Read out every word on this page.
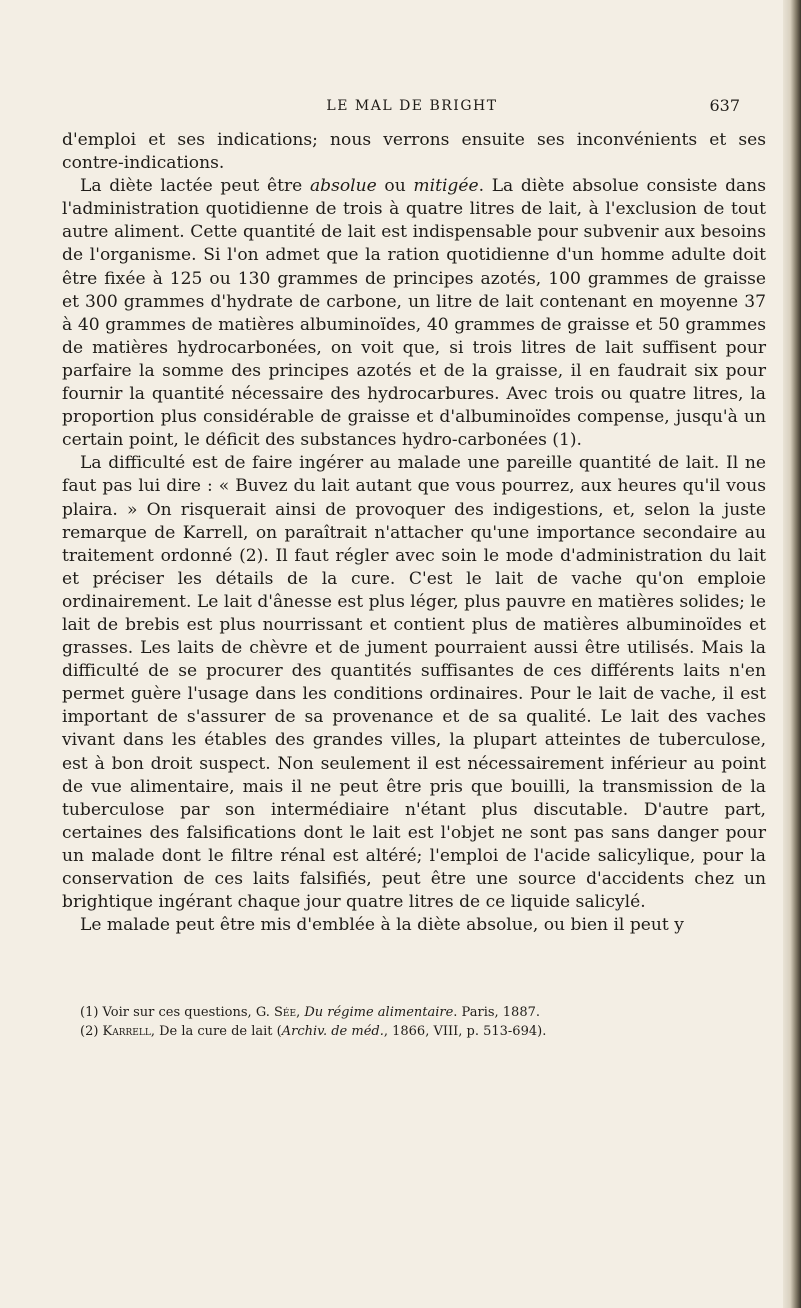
LE MAL DE BRIGHT	637

d'emploi et ses indications; nous verrons ensuite ses inconvénients et ses contre-indications.

La diète lactée peut être absolue ou mitigée. La diète absolue consiste dans l'administration quotidienne de trois à quatre litres de lait, à l'exclusion de tout autre aliment. Cette quantité de lait est indispensable pour subvenir aux besoins de l'organisme. Si l'on admet que la ration quotidienne d'un homme adulte doit être fixée à 125 ou 130 grammes de principes azotés, 100 grammes de graisse et 300 grammes d'hydrate de carbone, un litre de lait contenant en moyenne 37 à 40 grammes de matières albuminoïdes, 40 grammes de graisse et 50 grammes de matières hydrocarbonées, on voit que, si trois litres de lait suffisent pour parfaire la somme des principes azotés et de la graisse, il en faudrait six pour fournir la quantité nécessaire des hydrocarbures. Avec trois ou quatre litres, la proportion plus considérable de graisse et d'albuminoïdes compense, jusqu'à un certain point, le déficit des substances hydro-carbonées (1).

La difficulté est de faire ingérer au malade une pareille quantité de lait. Il ne faut pas lui dire : « Buvez du lait autant que vous pourrez, aux heures qu'il vous plaira. » On risquerait ainsi de provoquer des indigestions, et, selon la juste remarque de Karrell, on paraîtrait n'attacher qu'une importance secondaire au traitement ordonné (2). Il faut régler avec soin le mode d'administration du lait et préciser les détails de la cure. C'est le lait de vache qu'on emploie ordinairement. Le lait d'ânesse est plus léger, plus pauvre en matières solides; le lait de brebis est plus nourrissant et contient plus de matières albuminoïdes et grasses. Les laits de chèvre et de jument pourraient aussi être utilisés. Mais la difficulté de se procurer des quantités suffisantes de ces différents laits n'en permet guère l'usage dans les conditions ordinaires. Pour le lait de vache, il est important de s'assurer de sa provenance et de sa qualité. Le lait des vaches vivant dans les étables des grandes villes, la plupart atteintes de tuberculose, est à bon droit suspect. Non seulement il est nécessairement inférieur au point de vue alimentaire, mais il ne peut être pris que bouilli, la transmission de la tuberculose par son intermédiaire n'étant plus discutable. D'autre part, certaines des falsifications dont le lait est l'objet ne sont pas sans danger pour un malade dont le filtre rénal est altéré; l'emploi de l'acide salicylique, pour la conservation de ces laits falsifiés, peut être une source d'accidents chez un brightique ingérant chaque jour quatre litres de ce liquide salicylé.

Le malade peut être mis d'emblée à la diète absolue, ou bien il peut y

(1) Voir sur ces questions, G. Sée, Du régime alimentaire. Paris, 1887.

(2) Karrell, De la cure de lait (Archiv. de méd., 1866, VIII, p. 513-694).
